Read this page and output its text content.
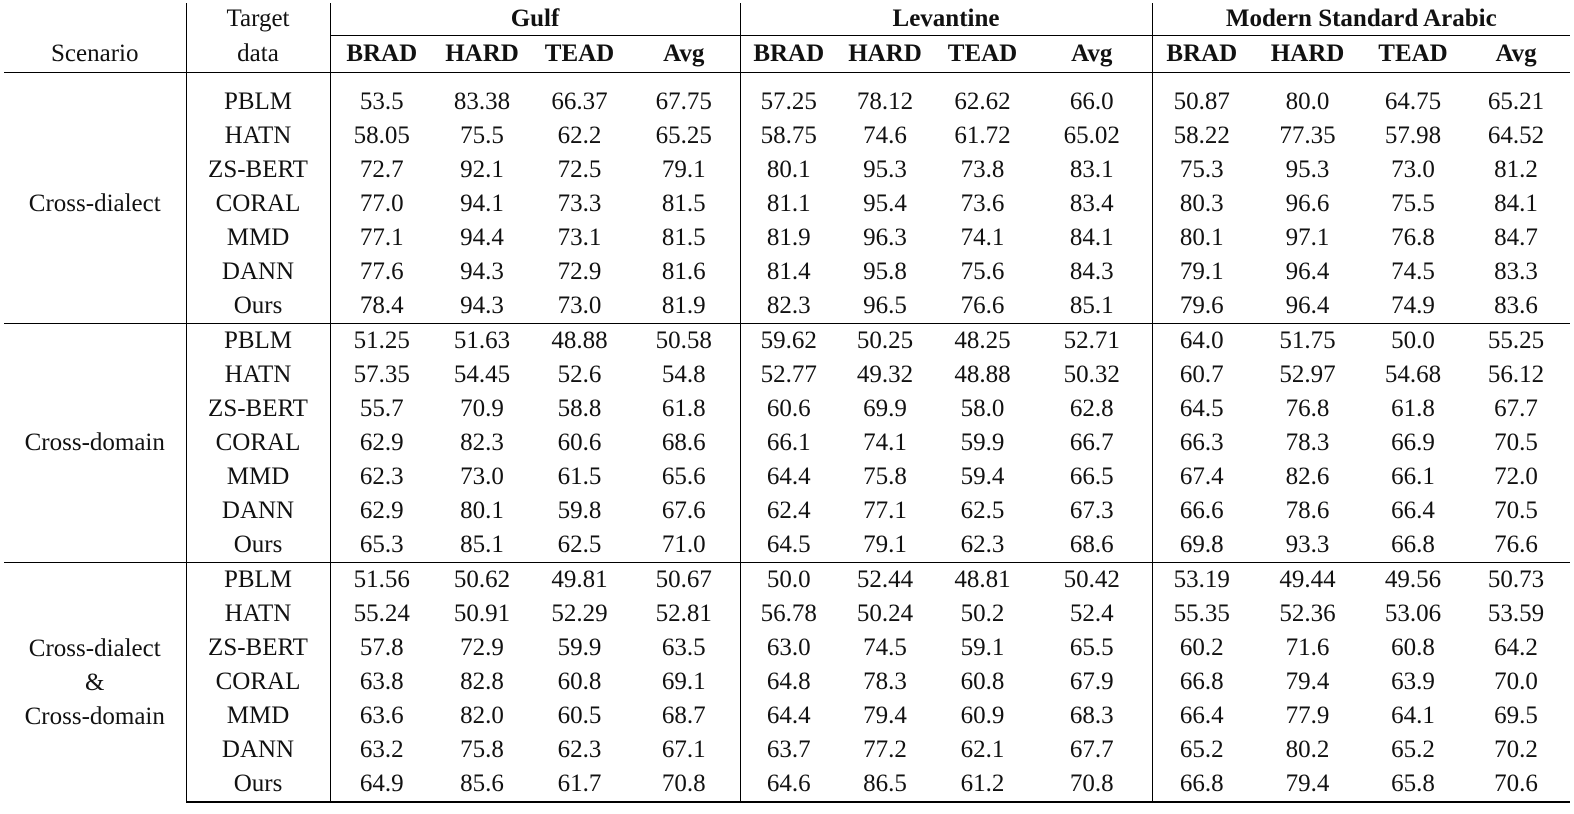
Scenario	Target	Gulf				Levantine				Modern Standard Arabic			
	data	BRAD	HARD	TEAD	Avg	BRAD	HARD	TEAD	Avg	BRAD	HARD	TEAD	Avg

Cross-dialect	PBLM	53.5	83.38	66.37	67.75	57.25	78.12	62.62	66.0	50.87	80.0	64.75	65.21
	HATN	58.05	75.5	62.2	65.25	58.75	74.6	61.72	65.02	58.22	77.35	57.98	64.52
	ZS-BERT	72.7	92.1	72.5	79.1	80.1	95.3	73.8	83.1	75.3	95.3	73.0	81.2
	CORAL	77.0	94.1	73.3	81.5	81.1	95.4	73.6	83.4	80.3	96.6	75.5	84.1
	MMD	77.1	94.4	73.1	81.5	81.9	96.3	74.1	84.1	80.1	97.1	76.8	84.7
	DANN	77.6	94.3	72.9	81.6	81.4	95.8	75.6	84.3	79.1	96.4	74.5	83.3
	Ours	78.4	94.3	73.0	81.9	82.3	96.5	76.6	85.1	79.6	96.4	74.9	83.6

Cross-domain	PBLM	51.25	51.63	48.88	50.58	59.62	50.25	48.25	52.71	64.0	51.75	50.0	55.25
	HATN	57.35	54.45	52.6	54.8	52.77	49.32	48.88	50.32	60.7	52.97	54.68	56.12
	ZS-BERT	55.7	70.9	58.8	61.8	60.6	69.9	58.0	62.8	64.5	76.8	61.8	67.7
	CORAL	62.9	82.3	60.6	68.6	66.1	74.1	59.9	66.7	66.3	78.3	66.9	70.5
	MMD	62.3	73.0	61.5	65.6	64.4	75.8	59.4	66.5	67.4	82.6	66.1	72.0
	DANN	62.9	80.1	59.8	67.6	62.4	77.1	62.5	67.3	66.6	78.6	66.4	70.5
	Ours	65.3	85.1	62.5	71.0	64.5	79.1	62.3	68.6	69.8	93.3	66.8	76.6

Cross-dialect
&
Cross-domain	PBLM	51.56	50.62	49.81	50.67	50.0	52.44	48.81	50.42	53.19	49.44	49.56	50.73
	HATN	55.24	50.91	52.29	52.81	56.78	50.24	50.2	52.4	55.35	52.36	53.06	53.59
	ZS-BERT	57.8	72.9	59.9	63.5	63.0	74.5	59.1	65.5	60.2	71.6	60.8	64.2
	CORAL	63.8	82.8	60.8	69.1	64.8	78.3	60.8	67.9	66.8	79.4	63.9	70.0
	MMD	63.6	82.0	60.5	68.7	64.4	79.4	60.9	68.3	66.4	77.9	64.1	69.5
	DANN	63.2	75.8	62.3	67.1	63.7	77.2	62.1	67.7	65.2	80.2	65.2	70.2
	Ours	64.9	85.6	61.7	70.8	64.6	86.5	61.2	70.8	66.8	79.4	65.8	70.6
